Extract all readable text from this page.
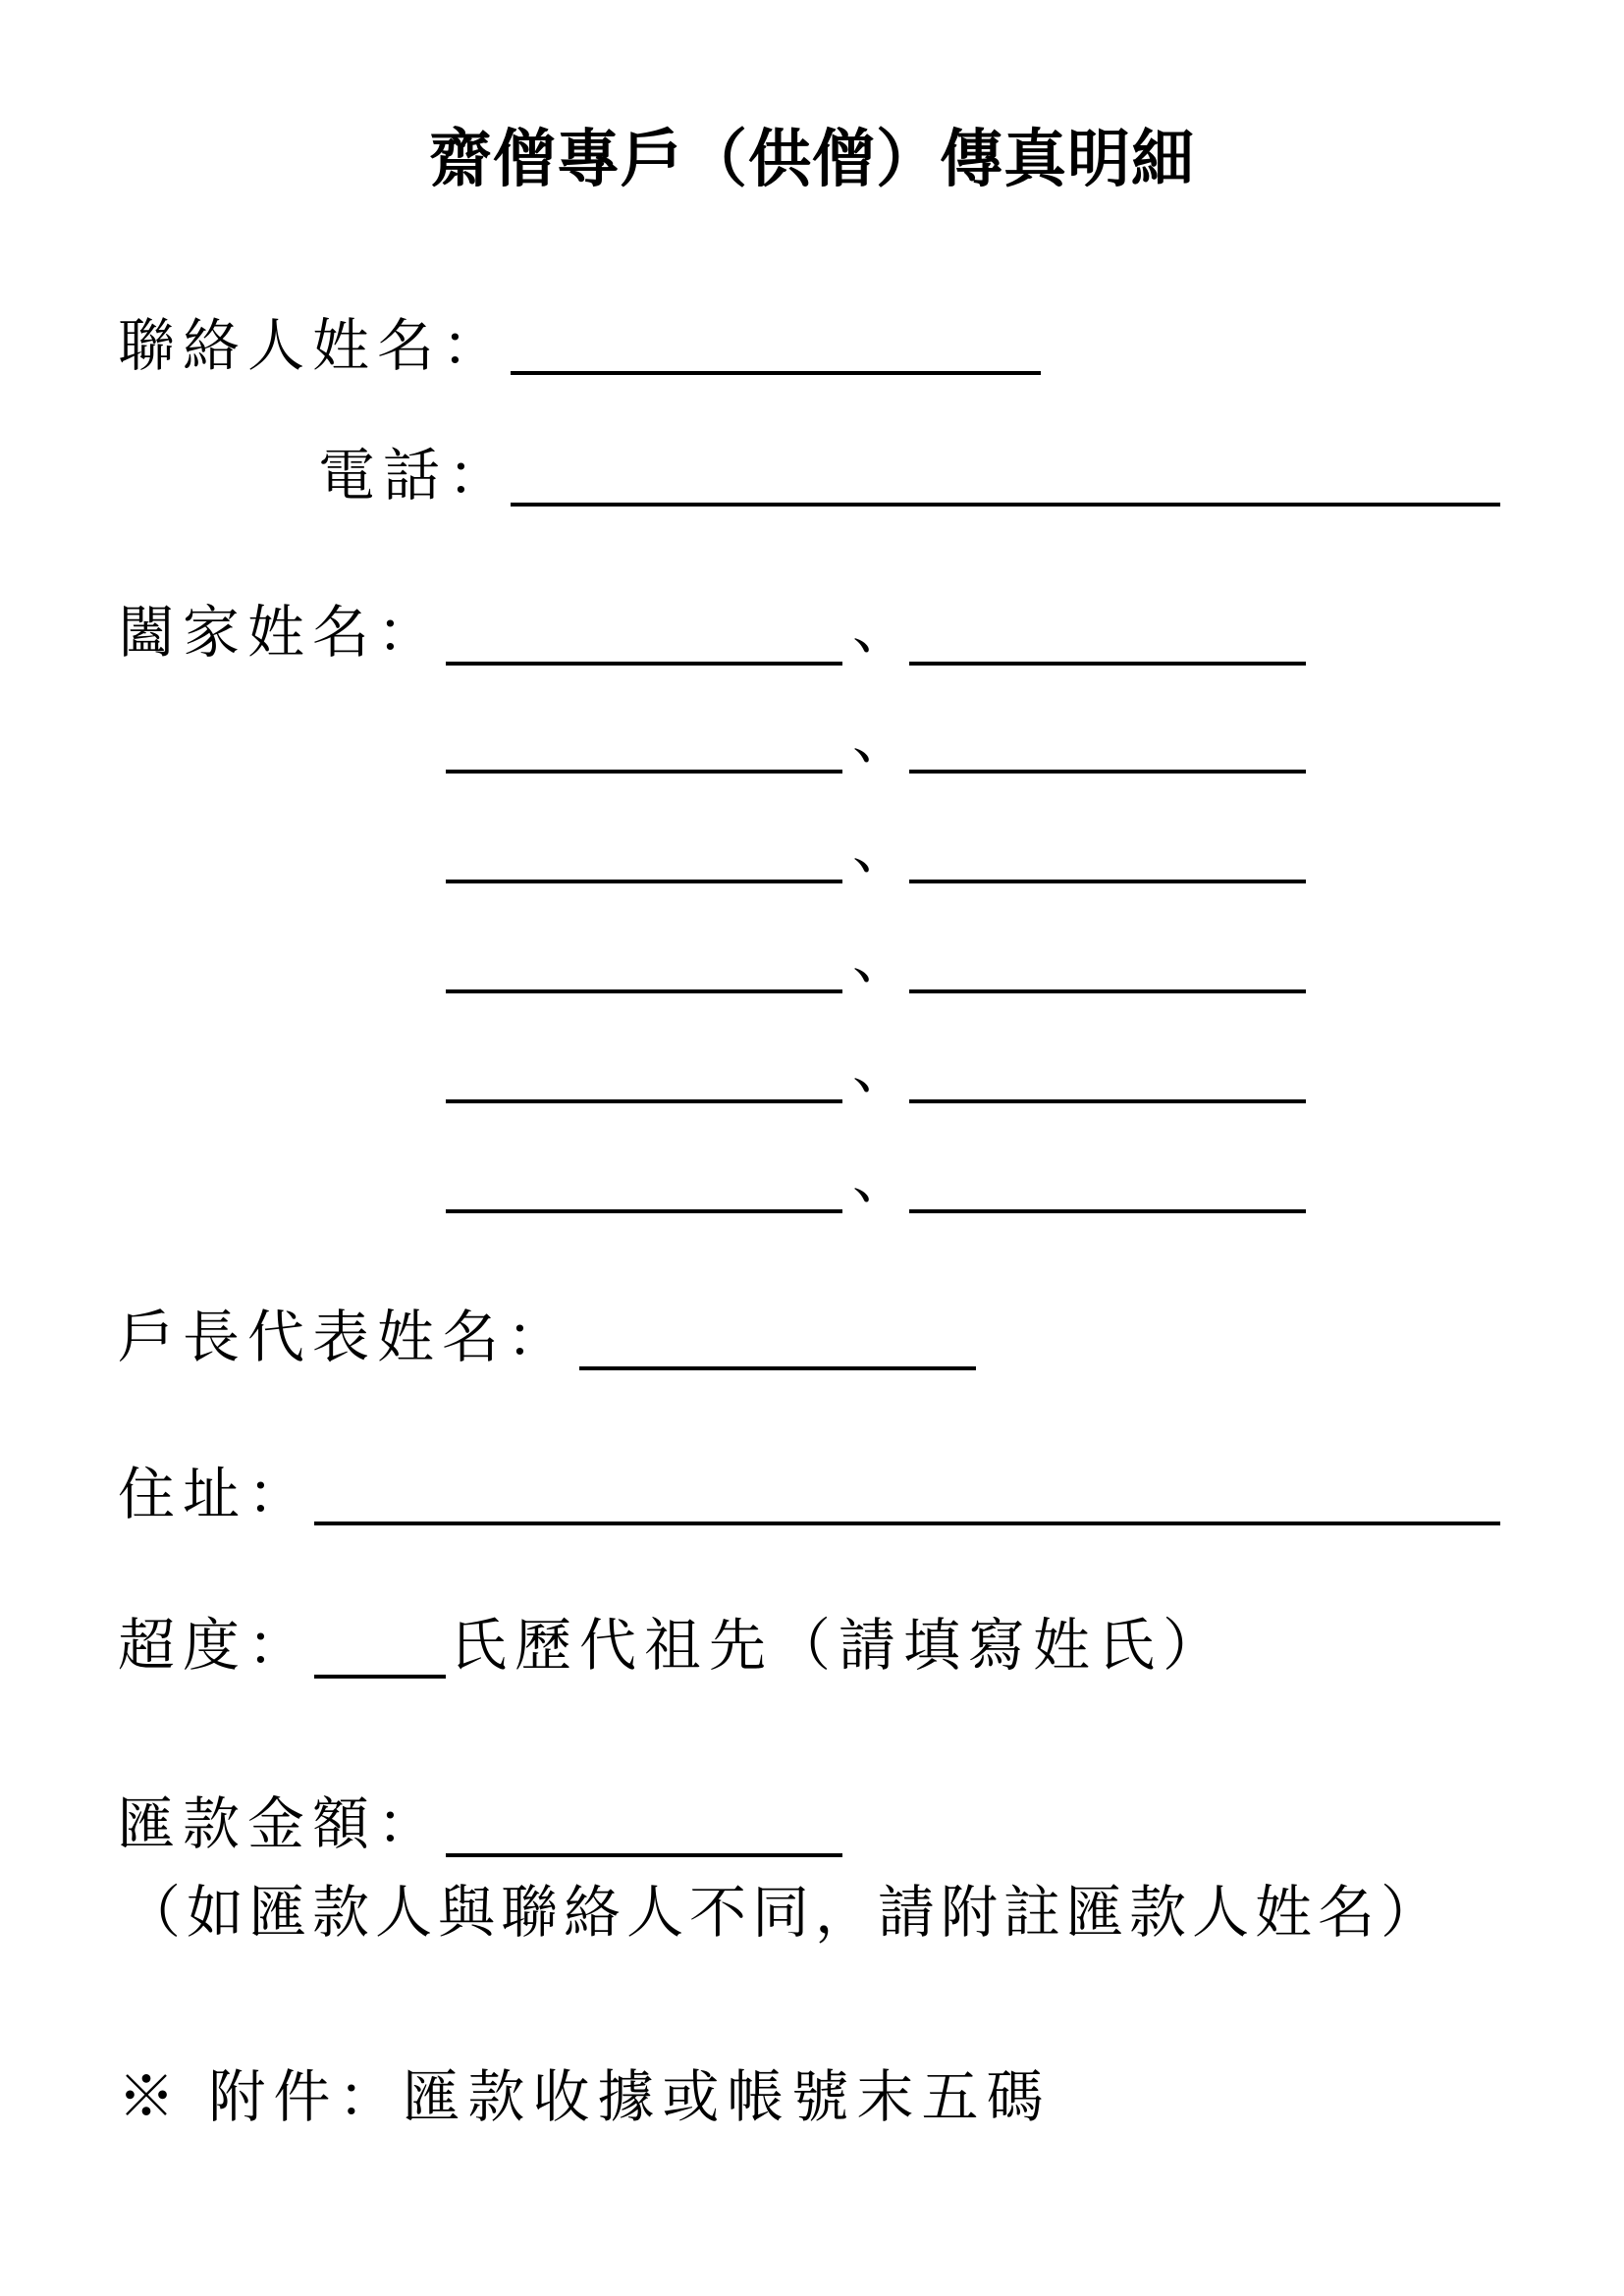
齋僧專戶（供僧）傳真明細
聯絡人姓名：
電話：
闔家姓名：	、
、
、
、
、
、
戶長代表姓名：
住址：
超度： 氏歷代祖先（請填寫姓氏）
匯款金額：
（如匯款人與聯絡人不同，請附註匯款人姓名）
※ 附件：匯款收據或帳號末五碼
